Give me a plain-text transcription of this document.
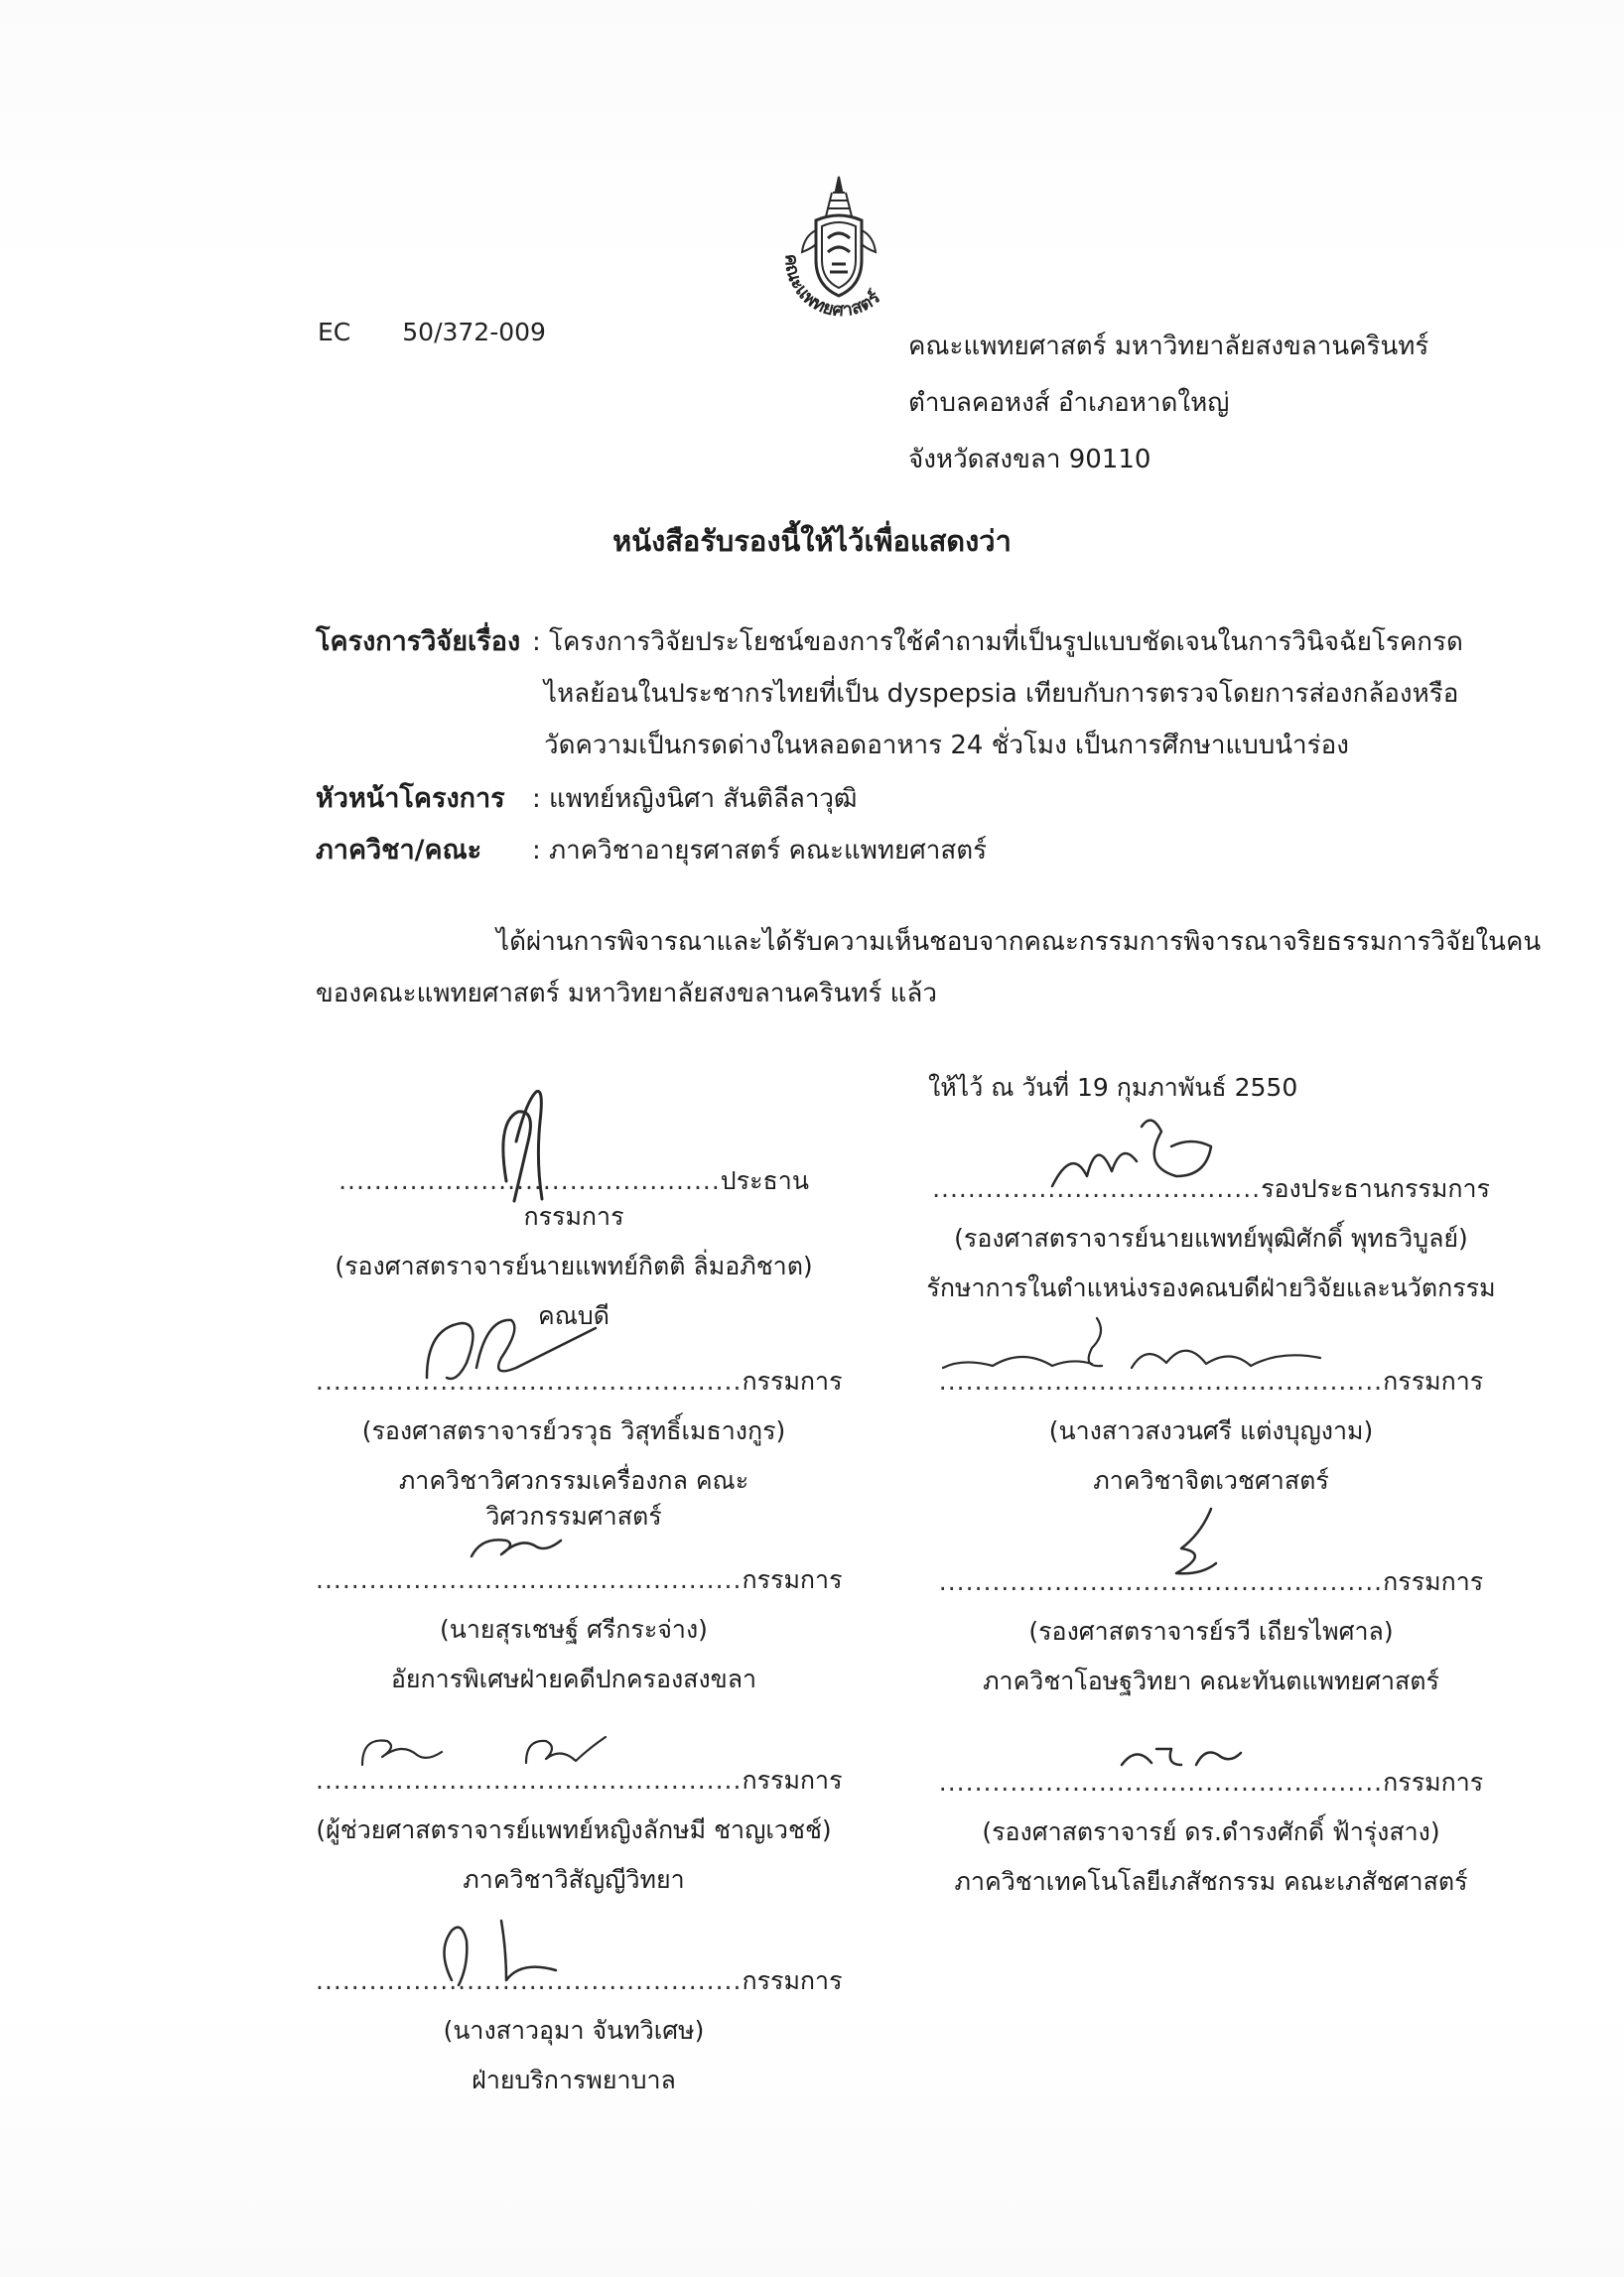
คณะแพทยศาสตร์
EC 50/372-009	คณะแพทยศาสตร์ มหาวิทยาลัยสงขลานครินทร์
ตำบลคอหงส์ อำเภอหาดใหญ่
จังหวัดสงขลา 90110
หนังสือรับรองนี้ให้ไว้เพื่อแสดงว่า
โครงการวิจัยเรื่อง : โครงการวิจัยประโยชน์ของการใช้คำถามที่เป็นรูปแบบชัดเจนในการวินิจฉัยโรคกรด
ไหลย้อนในประชากรไทยที่เป็น dyspepsia เทียบกับการตรวจโดยการส่องกล้องหรือ
วัดความเป็นกรดด่างในหลอดอาหาร 24 ชั่วโมง เป็นการศึกษาแบบนำร่อง
หัวหน้าโครงการ : แพทย์หญิงนิศา สันติลีลาวุฒิ
ภาควิชา/คณะ : ภาควิชาอายุรศาสตร์ คณะแพทยศาสตร์
ได้ผ่านการพิจารณาและได้รับความเห็นชอบจากคณะกรรมการพิจารณาจริยธรรมการวิจัยในคน
ของคณะแพทยศาสตร์ มหาวิทยาลัยสงขลานครินทร์ แล้ว
ให้ไว้ ณ วันที่ 19 กุมภาพันธ์ 2550
...........................................ประธานกรรมการ
(รองศาสตราจารย์นายแพทย์กิตติ ลิ่มอภิชาต)
คณบดี
................................................กรรมการ
(รองศาสตราจารย์วรวุธ วิสุทธิ์เมธางกูร)
ภาควิชาวิศวกรรมเครื่องกล คณะวิศวกรรมศาสตร์
................................................กรรมการ
(นายสุรเชษฐ์ ศรีกระจ่าง)
อัยการพิเศษฝ่ายคดีปกครองสงขลา
................................................กรรมการ
(ผู้ช่วยศาสตราจารย์แพทย์หญิงลักษมี ชาญเวชช์)
ภาควิชาวิสัญญีวิทยา
................................................กรรมการ
(นางสาวอุมา จันทวิเศษ)
ฝ่ายบริการพยาบาล
.....................................รองประธานกรรมการ
(รองศาสตราจารย์นายแพทย์พุฒิศักดิ์ พุทธวิบูลย์)
รักษาการในตำแหน่งรองคณบดีฝ่ายวิจัยและนวัตกรรม
..................................................กรรมการ
(นางสาวสงวนศรี แต่งบุญงาม)
ภาควิชาจิตเวชศาสตร์
..................................................กรรมการ
(รองศาสตราจารย์รวี เถียรไพศาล)
ภาควิชาโอษฐวิทยา คณะทันตแพทยศาสตร์
..................................................กรรมการ
(รองศาสตราจารย์ ดร.ดำรงศักดิ์ ฟ้ารุ่งสาง)
ภาควิชาเทคโนโลยีเภสัชกรรม คณะเภสัชศาสตร์
